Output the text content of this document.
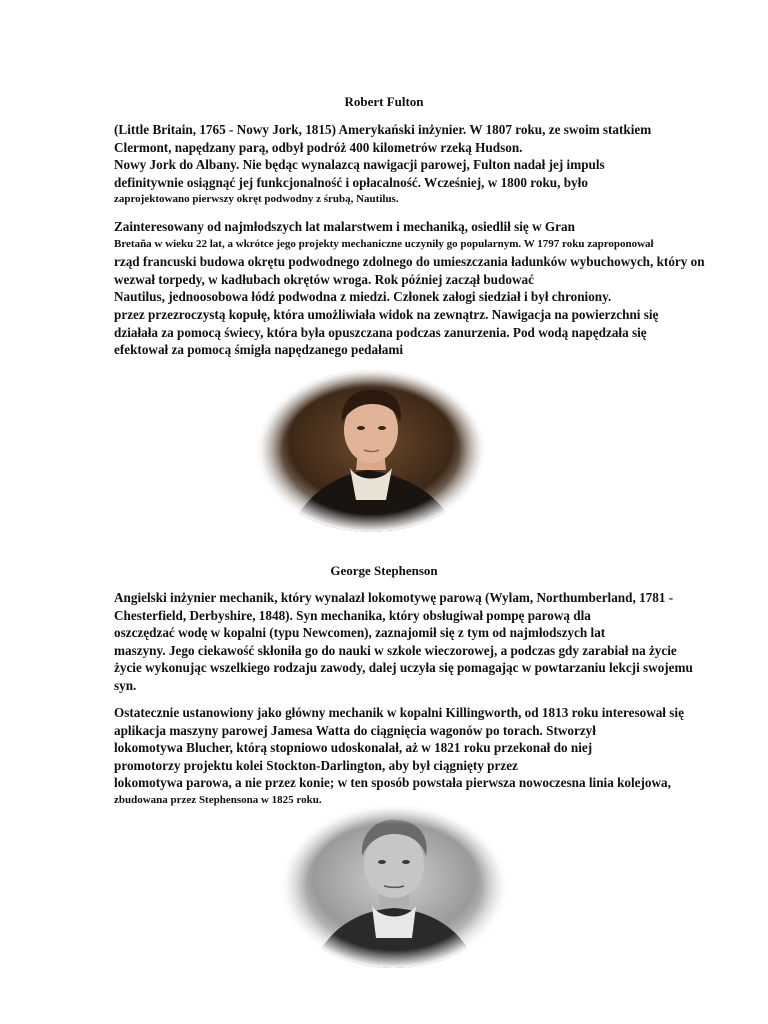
Robert Fulton
(Little Britain, 1765 - Nowy Jork, 1815) Amerykański inżynier. W 1807 roku, ze swoim statkiem
Clermont, napędzany parą, odbył podróż 400 kilometrów rzeką Hudson.
Nowy Jork do Albany. Nie będąc wynalazcą nawigacji parowej, Fulton nadał jej impuls
definitywnie osiągnąć jej funkcjonalność i opłacalność. Wcześniej, w 1800 roku, było
zaprojektowano pierwszy okręt podwodny z śrubą, Nautilus.
Zainteresowany od najmłodszych lat malarstwem i mechaniką, osiedlił się w Gran
Bretaña w wieku 22 lat, a wkrótce jego projekty mechaniczne uczyniły go popularnym. W 1797 roku zaproponował
rząd francuski budowa okrętu podwodnego zdolnego do umieszczania ładunków wybuchowych, który on
wezwał torpedy, w kadłubach okrętów wroga. Rok później zaczął budować
Nautilus, jednoosobowa łódź podwodna z miedzi. Członek załogi siedział i był chroniony.
przez przezroczystą kopułę, która umożliwiała widok na zewnątrz. Nawigacja na powierzchni się
działała za pomocą świecy, która była opuszczana podczas zanurzenia. Pod wodą napędzała się
efektował za pomocą śmigła napędzanego pedałami
George Stephenson
Angielski inżynier mechanik, który wynalazł lokomotywę parową (Wylam, Northumberland, 1781 -
Chesterfield, Derbyshire, 1848). Syn mechanika, który obsługiwał pompę parową dla
oszczędzać wodę w kopalni (typu Newcomen), zaznajomił się z tym od najmłodszych lat
maszyny. Jego ciekawość skłoniła go do nauki w szkole wieczorowej, a podczas gdy zarabiał na życie
życie wykonując wszelkiego rodzaju zawody, dalej uczyła się pomagając w powtarzaniu lekcji swojemu
syn.
Ostatecznie ustanowiony jako główny mechanik w kopalni Killingworth, od 1813 roku interesował się
aplikacja maszyny parowej Jamesa Watta do ciągnięcia wagonów po torach. Stworzył
lokomotywa Blucher, którą stopniowo udoskonalał, aż w 1821 roku przekonał do niej
promotorzy projektu kolei Stockton-Darlington, aby był ciągnięty przez
lokomotywa parowa, a nie przez konie; w ten sposób powstała pierwsza nowoczesna linia kolejowa,
zbudowana przez Stephensona w 1825 roku.
